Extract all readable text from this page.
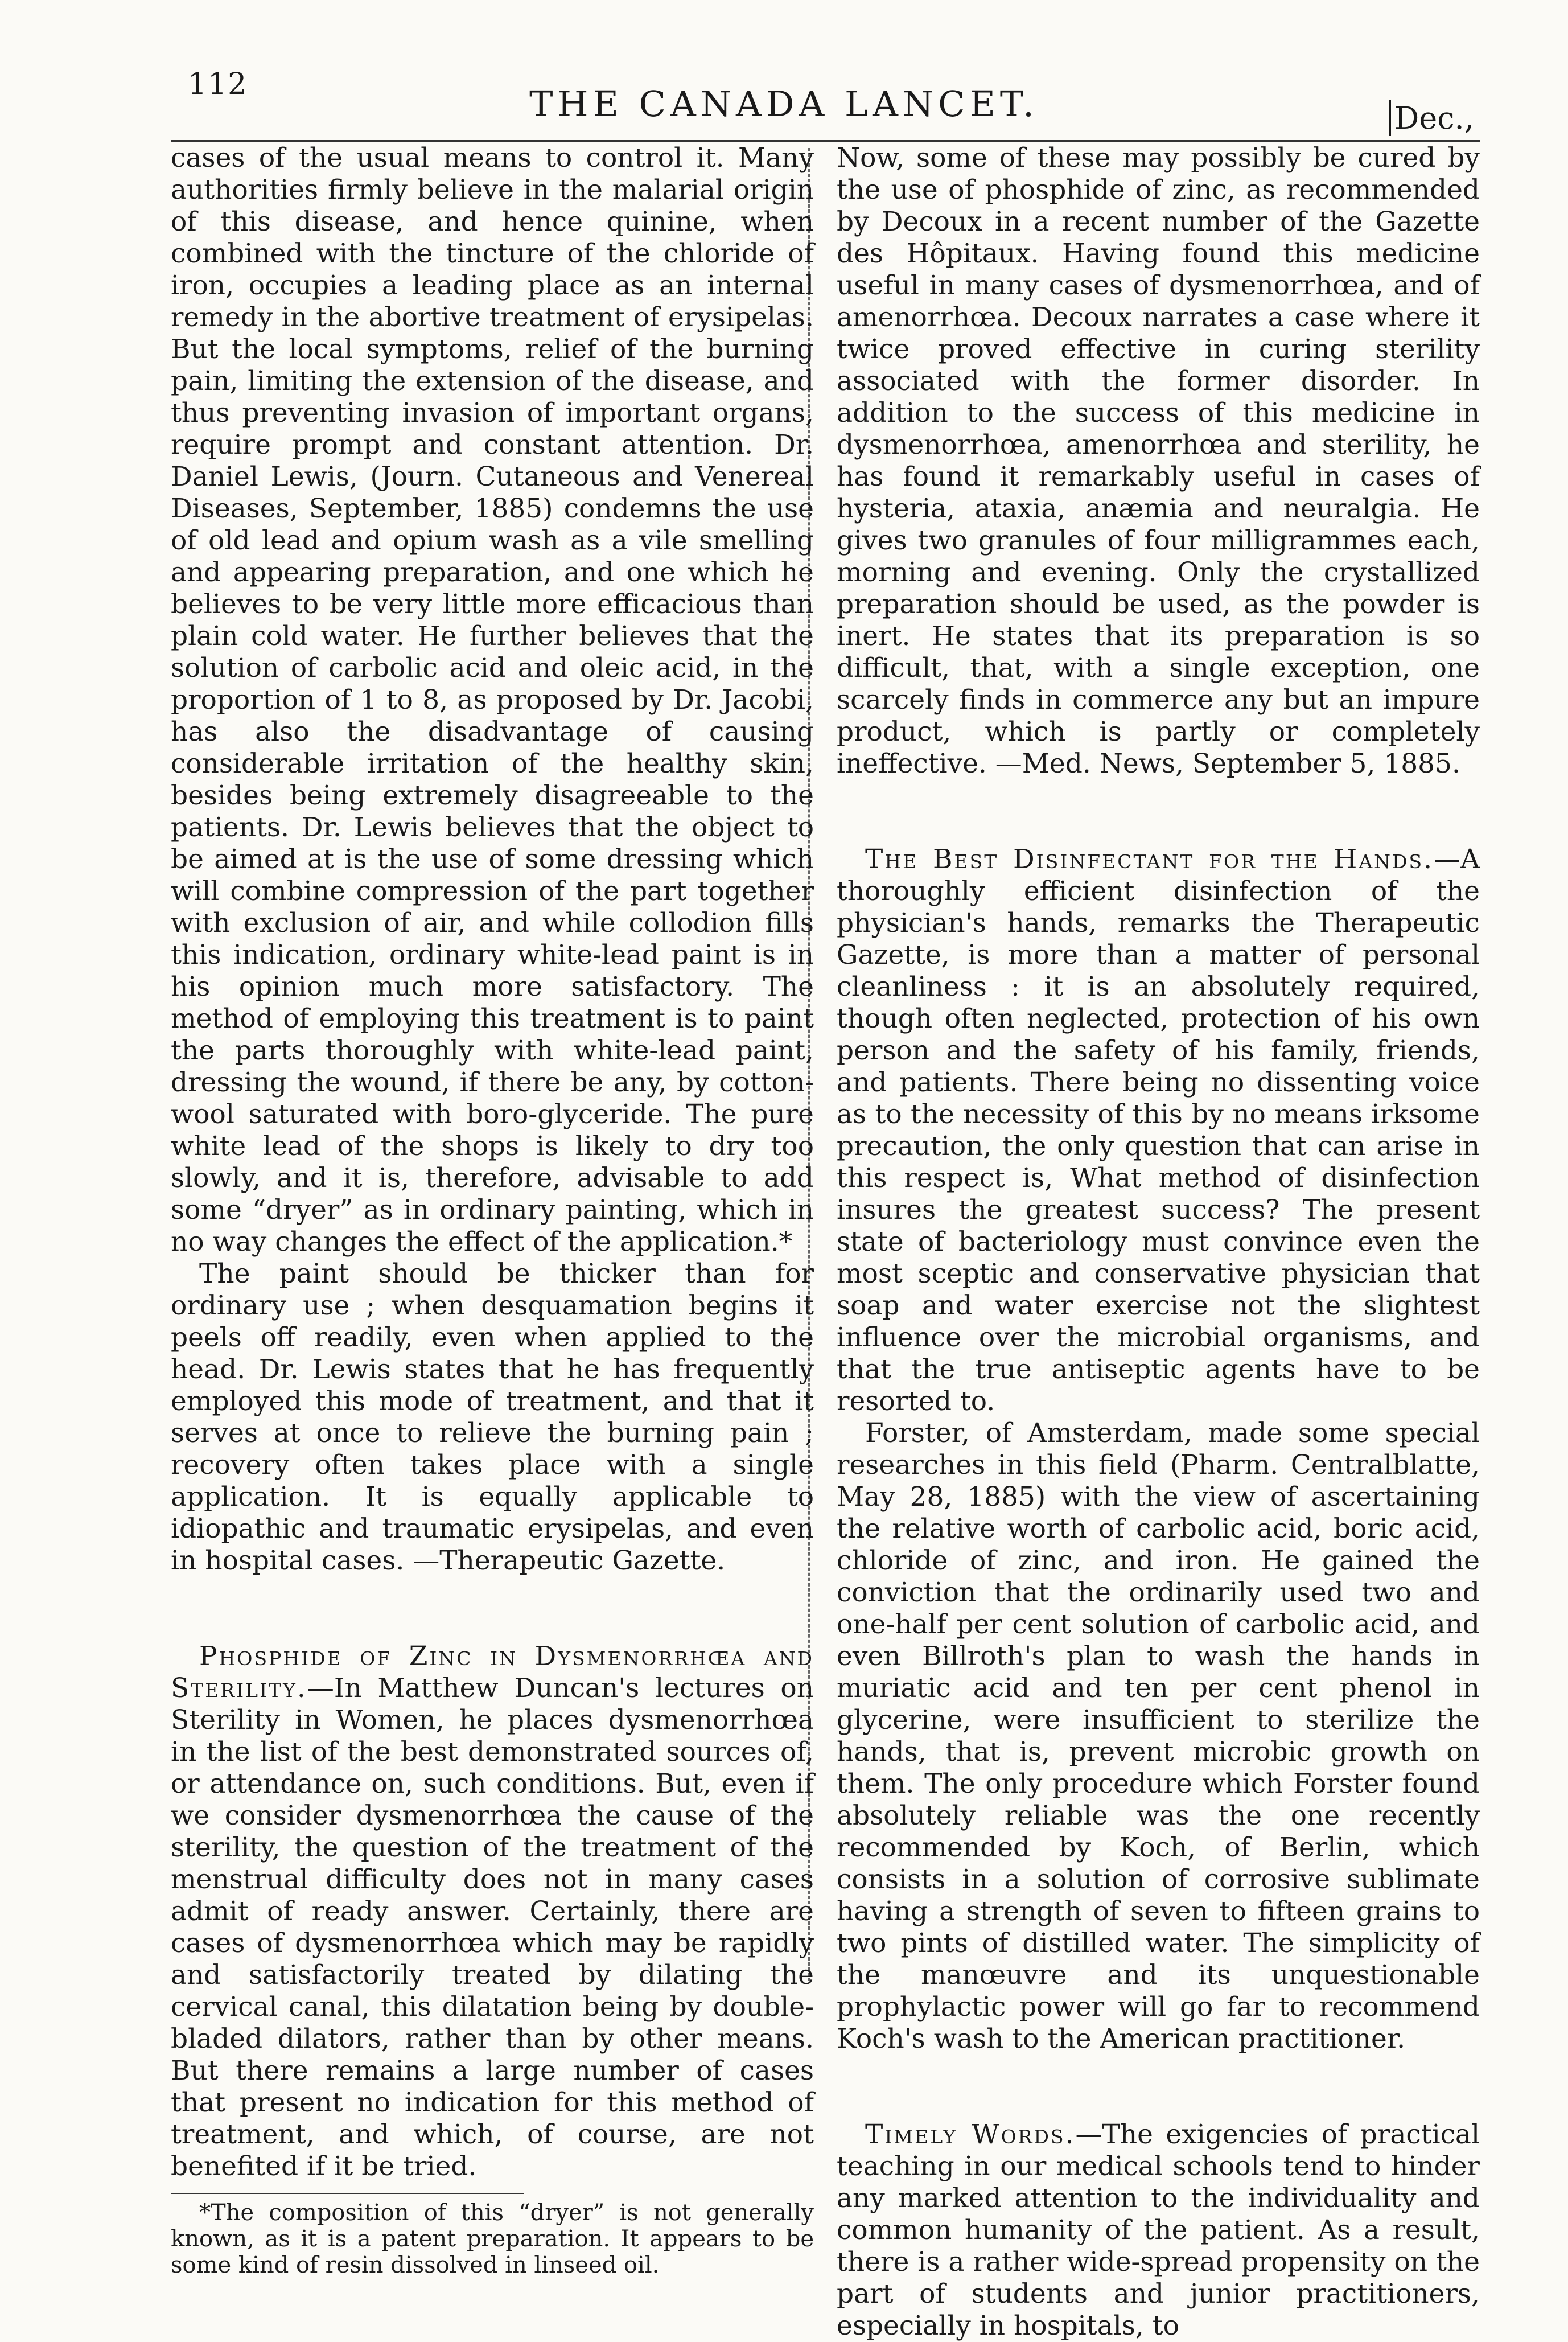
112	THE CANADA LANCET.	Dec.,

cases of the usual means to control it. Many authorities firmly believe in the malarial origin of this disease, and hence quinine, when combined with the tincture of the chloride of iron, occupies a leading place as an internal remedy in the abortive treatment of erysipelas. But the local symptoms, relief of the burning pain, limiting the extension of the disease, and thus preventing invasion of important organs, require prompt and constant attention. Dr. Daniel Lewis, (Journ. Cutaneous and Venereal Diseases, September, 1885) condemns the use of old lead and opium wash as a vile smelling and appearing preparation, and one which he believes to be very little more efficacious than plain cold water. He further believes that the solution of carbolic acid and oleic acid, in the proportion of 1 to 8, as proposed by Dr. Jacobi, has also the disadvantage of causing considerable irritation of the healthy skin, besides being extremely disagreeable to the patients. Dr. Lewis believes that the object to be aimed at is the use of some dressing which will combine compression of the part together with exclusion of air, and while collodion fills this indication, ordinary white-lead paint is in his opinion much more satisfactory. The method of employing this treatment is to paint the parts thoroughly with white-lead paint, dressing the wound, if there be any, by cotton-wool saturated with boro-glyceride. The pure white lead of the shops is likely to dry too slowly, and it is, therefore, advisable to add some “dryer” as in ordinary painting, which in no way changes the effect of the application.*

The paint should be thicker than for ordinary use ; when desquamation begins it peels off readily, even when applied to the head. Dr. Lewis states that he has frequently employed this mode of treatment, and that it serves at once to relieve the burning pain ; recovery often takes place with a single application. It is equally applicable to idiopathic and traumatic erysipelas, and even in hospital cases. —Therapeutic Gazette.

Phosphide of Zinc in Dysmenorrhœa and Sterility.—In Matthew Duncan's lectures on Sterility in Women, he places dysmenorrhœa in the list of the best demonstrated sources of, or attendance on, such conditions. But, even if we consider dysmenorrhœa the cause of the sterility, the question of the treatment of the menstrual difficulty does not in many cases admit of ready answer. Certainly, there are cases of dysmenorrhœa which may be rapidly and satisfactorily treated by dilating the cervical canal, this dilatation being by double-bladed dilators, rather than by other means. But there remains a large number of cases that present no indication for this method of treatment, and which, of course, are not benefited if it be tried.

*The composition of this “dryer” is not generally known, as it is a patent preparation. It appears to be some kind of resin dissolved in linseed oil.

Now, some of these may possibly be cured by the use of phosphide of zinc, as recommended by Decoux in a recent number of the Gazette des Hôpitaux. Having found this medicine useful in many cases of dysmenorrhœa, and of amenorrhœa. Decoux narrates a case where it twice proved effective in curing sterility associated with the former disorder. In addition to the success of this medicine in dysmenorrhœa, amenorrhœa and sterility, he has found it remarkably useful in cases of hysteria, ataxia, anæmia and neuralgia. He gives two granules of four milligrammes each, morning and evening. Only the crystallized preparation should be used, as the powder is inert. He states that its preparation is so difficult, that, with a single exception, one scarcely finds in commerce any but an impure product, which is partly or completely ineffective. —Med. News, September 5, 1885.

The Best Disinfectant for the Hands.—A thoroughly efficient disinfection of the physician's hands, remarks the Therapeutic Gazette, is more than a matter of personal cleanliness : it is an absolutely required, though often neglected, protection of his own person and the safety of his family, friends, and patients. There being no dissenting voice as to the necessity of this by no means irksome precaution, the only question that can arise in this respect is, What method of disinfection insures the greatest success? The present state of bacteriology must convince even the most sceptic and conservative physician that soap and water exercise not the slightest influence over the microbial organisms, and that the true antiseptic agents have to be resorted to.

Forster, of Amsterdam, made some special researches in this field (Pharm. Centralblatte, May 28, 1885) with the view of ascertaining the relative worth of carbolic acid, boric acid, chloride of zinc, and iron. He gained the conviction that the ordinarily used two and one-half per cent solution of carbolic acid, and even Billroth's plan to wash the hands in muriatic acid and ten per cent phenol in glycerine, were insufficient to sterilize the hands, that is, prevent microbic growth on them. The only procedure which Forster found absolutely reliable was the one recently recommended by Koch, of Berlin, which consists in a solution of corrosive sublimate having a strength of seven to fifteen grains to two pints of distilled water. The simplicity of the manœuvre and its unquestionable prophylactic power will go far to recommend Koch's wash to the American practitioner.

Timely Words.—The exigencies of practical teaching in our medical schools tend to hinder any marked attention to the individuality and common humanity of the patient. As a result, there is a rather wide-spread propensity on the part of students and junior practitioners, especially in hospitals, to
